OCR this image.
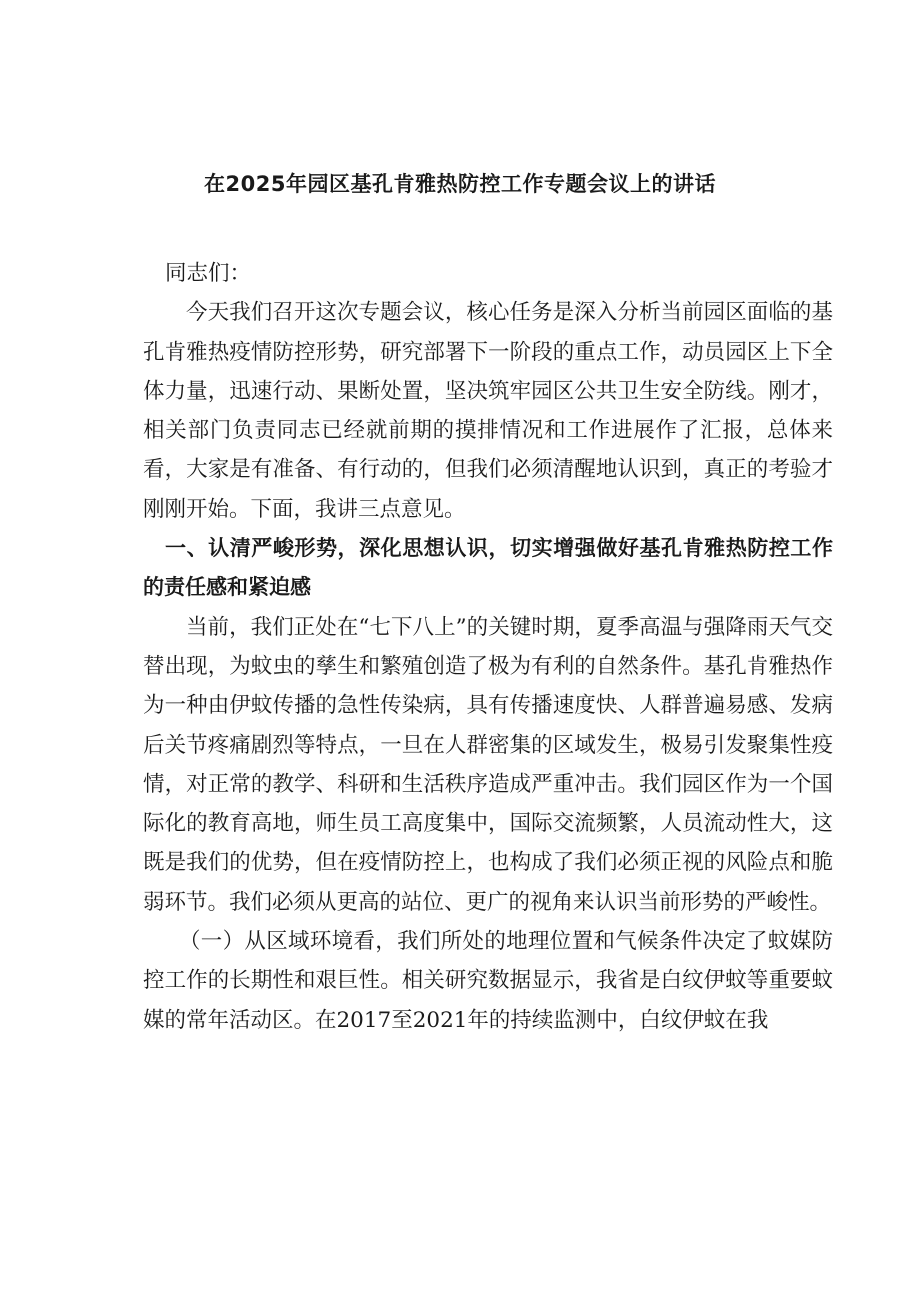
在2025年园区基孔肯雅热防控工作专题会议上的讲话

同志们：

今天我们召开这次专题会议，核心任务是深入分析当前园区面临的基孔肯雅热疫情防控形势，研究部署下一阶段的重点工作，动员园区上下全体力量，迅速行动、果断处置，坚决筑牢园区公共卫生安全防线。刚才，相关部门负责同志已经就前期的摸排情况和工作进展作了汇报，总体来看，大家是有准备、有行动的，但我们必须清醒地认识到，真正的考验才刚刚开始。下面，我讲三点意见。

一、认清严峻形势，深化思想认识，切实增强做好基孔肯雅热防控工作的责任感和紧迫感

当前，我们正处在“七下八上”的关键时期，夏季高温与强降雨天气交替出现，为蚊虫的孳生和繁殖创造了极为有利的自然条件。基孔肯雅热作为一种由伊蚊传播的急性传染病，具有传播速度快、人群普遍易感、发病后关节疼痛剧烈等特点，一旦在人群密集的区域发生，极易引发聚集性疫情，对正常的教学、科研和生活秩序造成严重冲击。我们园区作为一个国际化的教育高地，师生员工高度集中，国际交流频繁，人员流动性大，这既是我们的优势，但在疫情防控上，也构成了我们必须正视的风险点和脆弱环节。我们必须从更高的站位、更广的视角来认识当前形势的严峻性。

（一）从区域环境看，我们所处的地理位置和气候条件决定了蚊媒防控工作的长期性和艰巨性。相关研究数据显示，我省是白纹伊蚊等重要蚊媒的常年活动区。在2017至2021年的持续监测中，白纹伊蚊在我
